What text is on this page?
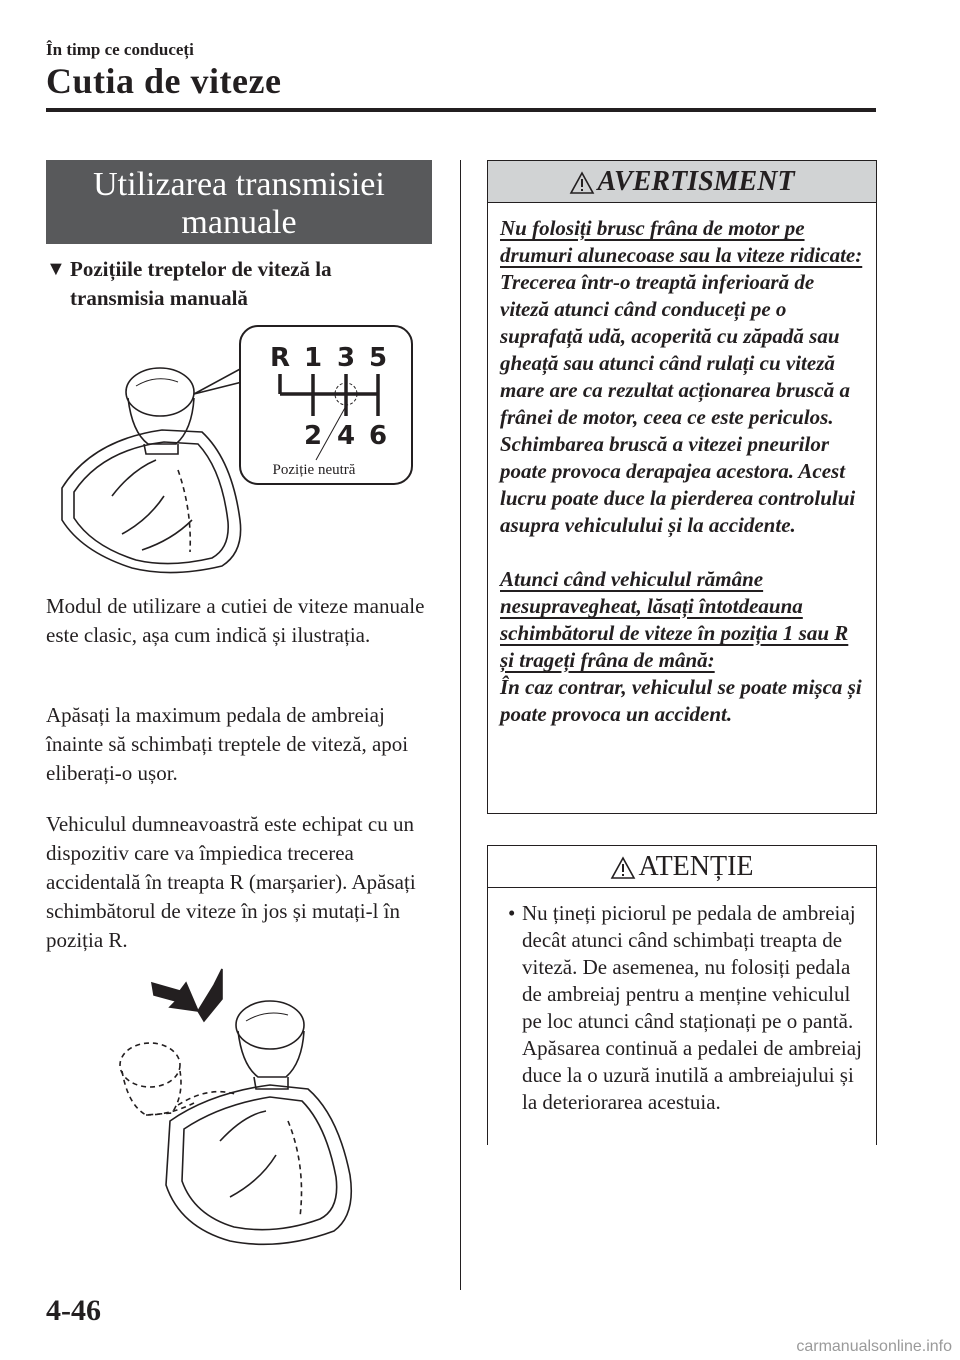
În timp ce conduceți
Cutia de viteze
Utilizarea transmisiei
manuale
▼ Pozițiile treptelor de viteză la
transmisia manuală
R 1 3 5
2 4 6
Poziție neutră
Modul de utilizare a cutiei de viteze manuale este clasic, așa cum indică și ilustrația.
Apăsați la maximum pedala de ambreiaj înainte să schimbați treptele de viteză, apoi eliberați-o ușor.
Vehiculul dumneavoastră este echipat cu un dispozitiv care va împiedica trecerea accidentală în treapta R (marșarier). Apăsați schimbătorul de viteze în jos și mutați-l în poziția R.
AVERTISMENT

Nu folosiți brusc frâna de motor pe drumuri alunecoase sau la viteze ridicate:

Trecerea într-o treaptă inferioară de viteză atunci când conduceți pe o suprafață udă, acoperită cu zăpadă sau gheață sau atunci când rulați cu viteză mare are ca rezultat acționarea bruscă a frânei de motor, ceea ce este periculos. Schimbarea bruscă a vitezei pneurilor poate provoca derapajea acestora. Acest lucru poate duce la pierderea controlului asupra vehiculului și la accidente.

Atunci când vehiculul rămâne nesupravegheat, lăsați întotdeauna schimbătorul de viteze în poziția 1 sau R și trageți frâna de mână:

În caz contrar, vehiculul se poate mișca și poate provoca un accident.

ATENȚIE
• Nu țineți piciorul pe pedala de ambreiaj decât atunci când schimbați treapta de viteză. De asemenea, nu folosiți pedala de ambreiaj pentru a menține vehiculul pe loc atunci când staționați pe o pantă. Apăsarea continuă a pedalei de ambreiaj duce la o uzură inutilă a ambreiajului și la deteriorarea acestuia.
4-46
carmanualsonline.info
